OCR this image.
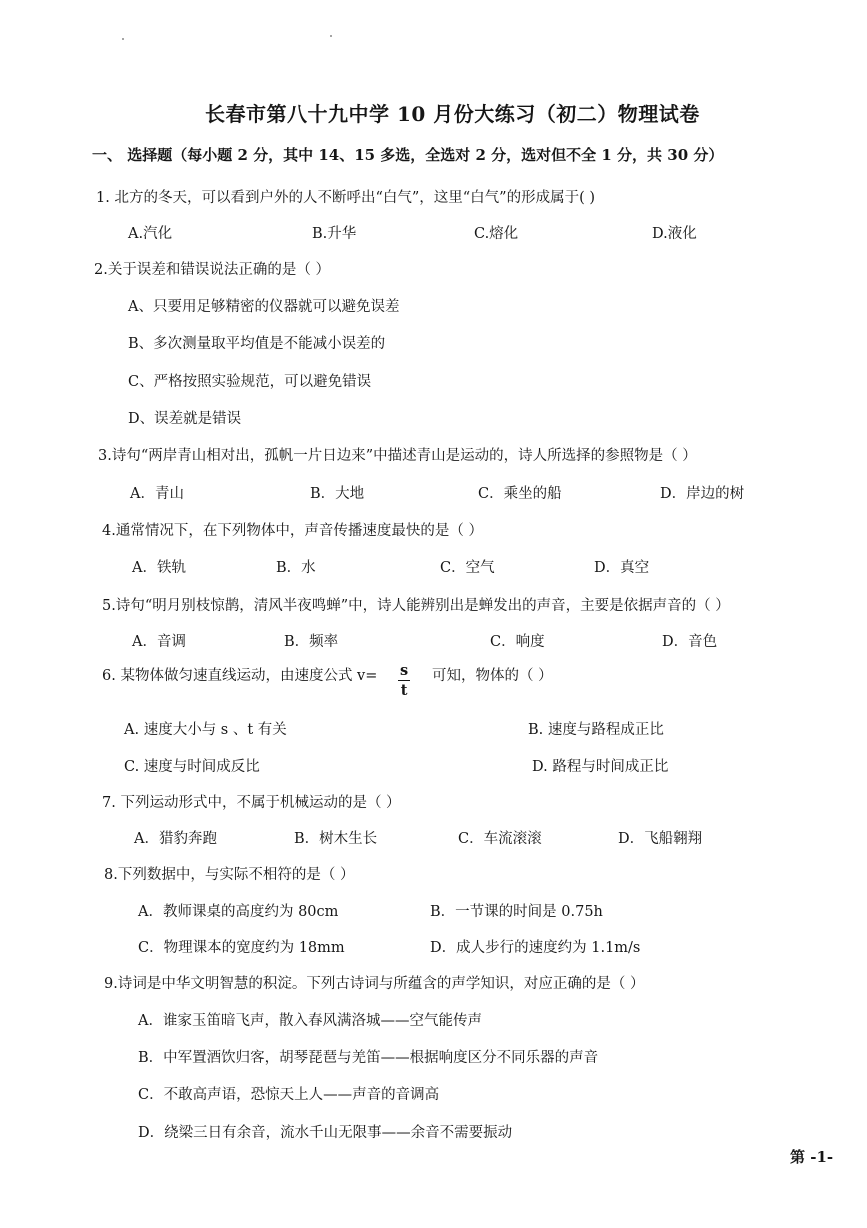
长春市第八十九中学 10 月份大练习（初二）物理试卷
一、 选择题（每小题 2 分，其中 14、15 多选，全选对 2 分，选对但不全 1 分，共 30 分）
1. 北方的冬天，可以看到户外的人不断呼出“白气”，这里“白气”的形成属于( )
A.汽化	B.升华	C.熔化	D.液化
2.关于误差和错误说法正确的是（ ）
A、只要用足够精密的仪器就可以避免误差
B、多次测量取平均值是不能减小误差的
C、严格按照实验规范，可以避免错误
D、误差就是错误
3.诗句“两岸青山相对出，孤帆一片日边来”中描述青山是运动的，诗人所选择的参照物是（ ）
A．青山	B．大地	C．乘坐的船	D．岸边的树
4.通常情况下，在下列物体中，声音传播速度最快的是（ ）
A．铁轨	B．水	C．空气	D．真空
5.诗句“明月别枝惊鹊，清风半夜鸣蝉”中，诗人能辨别出是蝉发出的声音，主要是依据声音的（ ）
A．音调	B．频率	C．响度	D．音色
6. 某物体做匀速直线运动，由速度公式 $v= \frac{s}{t}$ 可知，物体的（ ）
A. 速度大小与 s 、t 有关	B. 速度与路程成正比
C. 速度与时间成反比	D. 路程与时间成正比
7. 下列运动形式中，不属于机械运动的是（ ）
A．猎豹奔跑	B．树木生长	C．车流滚滚	D．飞船翱翔
8.下列数据中，与实际不相符的是（ ）
A．教师课桌的高度约为 80cm	B．一节课的时间是 0.75h
C．物理课本的宽度约为 18mm	D．成人步行的速度约为 1.1m/s
9.诗词是中华文明智慧的积淀。下列古诗词与所蕴含的声学知识，对应正确的是（ ）
A．谁家玉笛暗飞声，散入春风满洛城——空气能传声
B．中军置酒饮归客，胡琴琵琶与羌笛——根据响度区分不同乐器的声音
C．不敢高声语，恐惊天上人——声音的音调高
D．绕梁三日有余音，流水千山无限事——余音不需要振动
第 -1-
